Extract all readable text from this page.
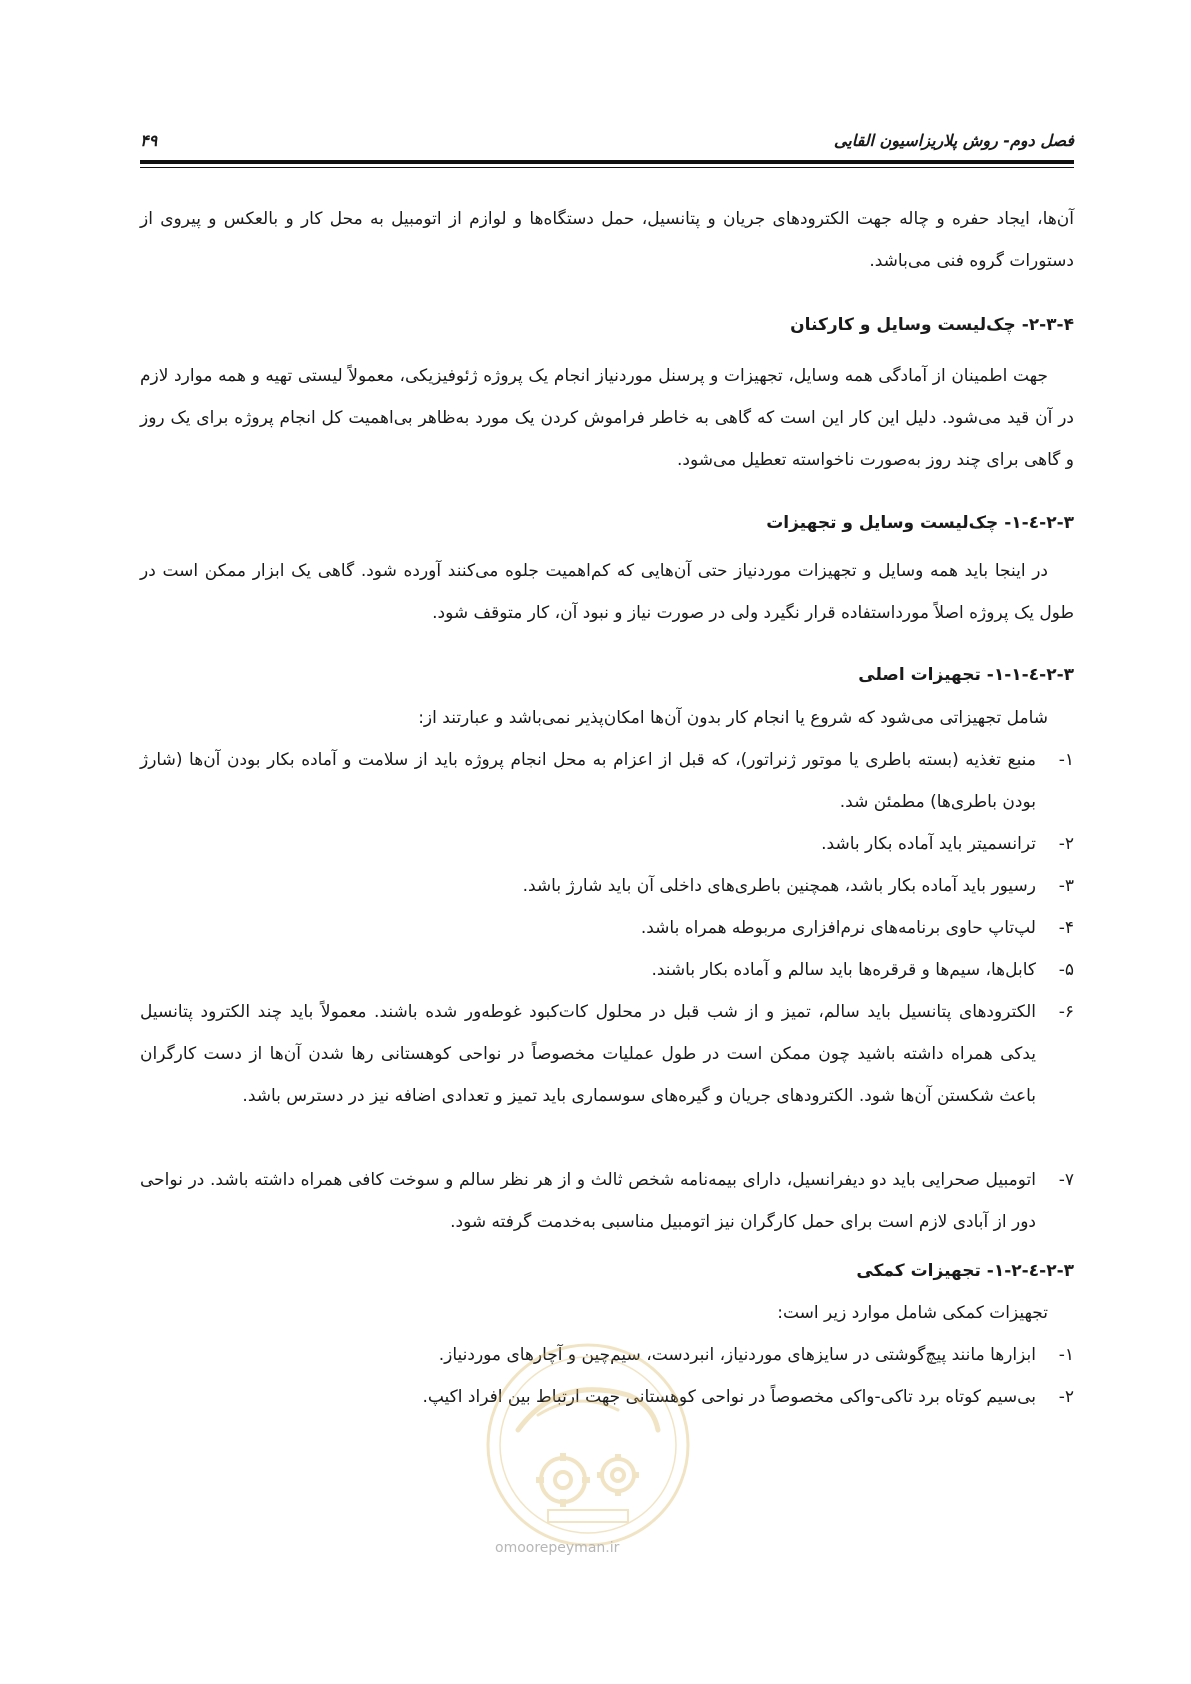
فصل دوم- روش پلاریزاسیون القایی
۴۹

آن‌ها، ایجاد حفره و چاله جهت الکترودهای جریان و پتانسیل، حمل دستگاه‌ها و لوازم از اتومبیل به محل کار و بالعکس و پیروی از دستورات گروه فنی می‌باشد.

۲-۳-۴- چک‌لیست وسایل و کارکنان

جهت اطمینان از آمادگی همه وسایل، تجهیزات و پرسنل موردنیاز انجام یک پروژه ژئوفیزیکی، معمولاً لیستی تهیه و همه موارد لازم در آن قید می‌شود. دلیل این کار این است که گاهی به خاطر فراموش کردن یک مورد به‌ظاهر بی‌اهمیت کل انجام پروژه برای یک روز و گاهی برای چند روز به‌صورت ناخواسته تعطیل می‌شود.

۲-۳-٤-۱- چک‌لیست وسایل و تجهیزات

در اینجا باید همه وسایل و تجهیزات موردنیاز حتی آن‌هایی که کم‌اهمیت جلوه می‌کنند آورده شود. گاهی یک ابزار ممکن است در طول یک پروژه اصلاً مورداستفاده قرار نگیرد ولی در صورت نیاز و نبود آن، کار متوقف شود.

۲-۳-٤-۱-۱- تجهیزات اصلی

شامل تجهیزاتی می‌شود که شروع یا انجام کار بدون آن‌ها امکان‌پذیر نمی‌باشد و عبارتند از:

۱-
منبع تغذیه (بسته باطری یا موتور ژنراتور)، که قبل از اعزام به محل انجام پروژه باید از سلامت و آماده بکار بودن آن‌ها (شارژ بودن باطری‌ها) مطمئن شد.
۲-
ترانسمیتر باید آماده بکار باشد.
۳-
رسیور باید آماده بکار باشد، همچنین باطری‌های داخلی آن باید شارژ باشد.
۴-
لپ‌تاپ حاوی برنامه‌های نرم‌افزاری مربوطه همراه باشد.
۵-
کابل‌ها، سیم‌ها و قرقره‌ها باید سالم و آماده بکار باشند.
۶-
الکترودهای پتانسیل باید سالم، تمیز و از شب قبل در محلول کات‌کبود غوطه‌ور شده باشند. معمولاً باید چند الکترود پتانسیل یدکی همراه داشته باشید چون ممکن است در طول عملیات مخصوصاً در نواحی کوهستانی رها شدن آن‌ها از دست کارگران باعث شکستن آن‌ها شود. الکترودهای جریان و گیره‌های سوسماری باید تمیز و تعدادی اضافه نیز در دسترس باشد.
۷-
اتومبیل صحرایی باید دو دیفرانسیل، دارای بیمه‌نامه شخص ثالث و از هر نظر سالم و سوخت کافی همراه داشته باشد. در نواحی دور از آبادی لازم است برای حمل کارگران نیز اتومبیل مناسبی به‌خدمت گرفته شود.
۲-۳-٤-۱-۲- تجهیزات کمکی

تجهیزات کمکی شامل موارد زیر است:

۱-
ابزارها مانند پیچ‌گوشتی در سایزهای موردنیاز، انبردست، سیم‌چین و آچارهای موردنیاز.
۲-
بی‌سیم کوتاه برد تاکی-واکی مخصوصاً در نواحی کوهستانی جهت ارتباط بین افراد اکیپ.
omoorepeyman.ir
